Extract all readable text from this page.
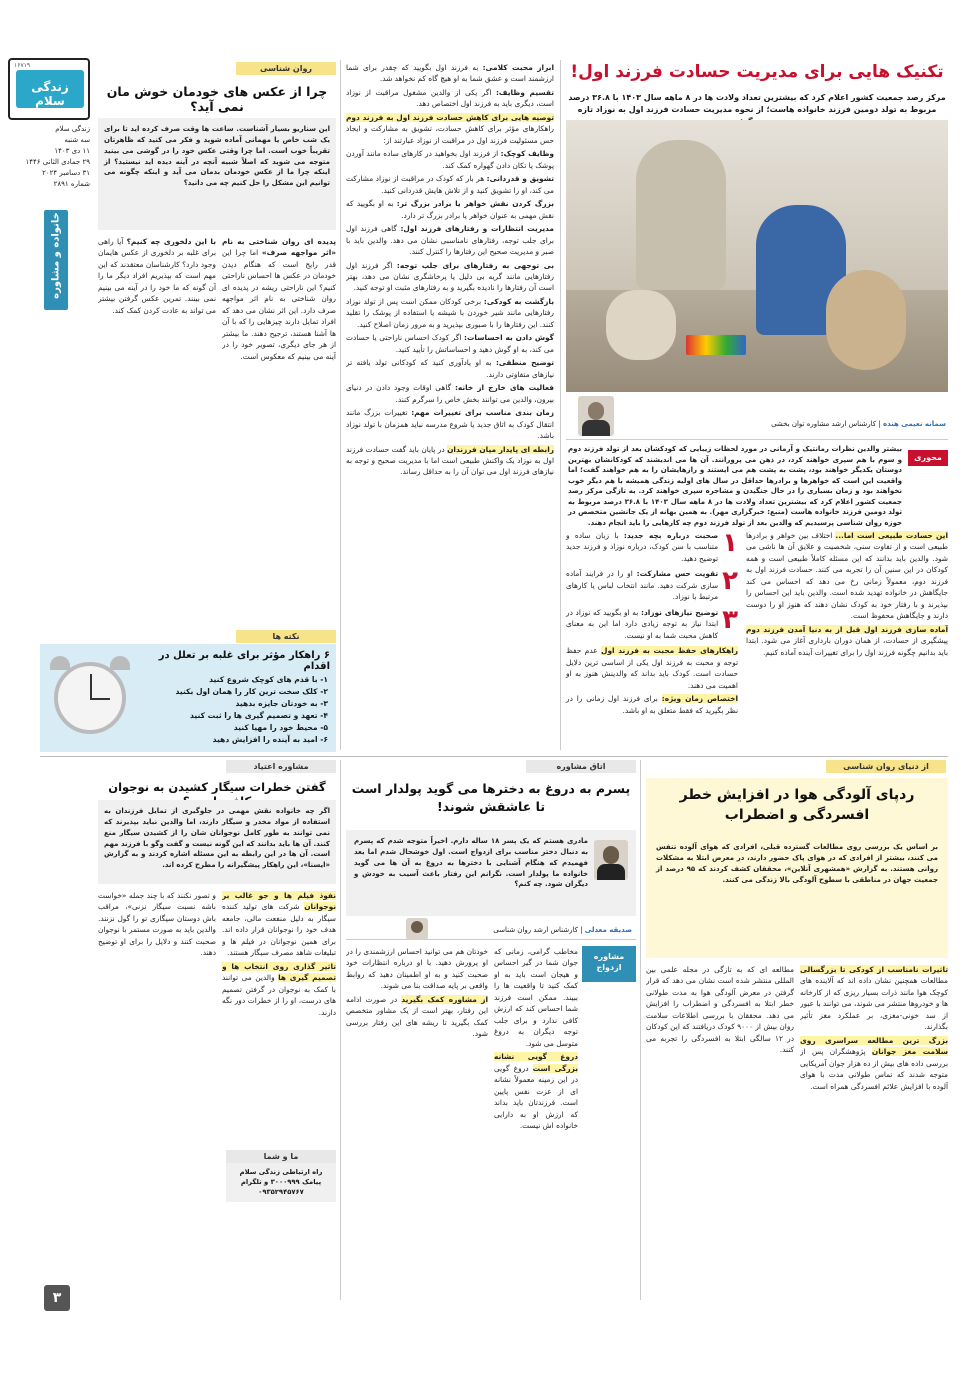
زندگی سلام
۱۶۷۱۹
زندگی سلام
سه شنبه
۱۱ دی ۱۴۰۳
۲۹ جمادی الثانی ۱۴۴۶
۳۱ دسامبر ۲۰۲۴
شماره ۲۸۹۱
خانواده و مشاوره
۳
تکنیک هایی برای مدیریت حسادت فرزند اول!
مرکز رصد جمعیت کشور اعلام کرد که بیشترین تعداد ولادت ها در ۸ ماهه سال ۱۴۰۳ با ۳۶.۸ درصد مربوط به تولد دومین فرزند خانواده هاست؛ از نحوه مدیریت حسادت فرزند اول به نوزاد تازه
سمانه نعیمی هنده | کارشناس ارشد مشاوره توان بخشی
محوری
بیشتر والدین نظرات رمانتیک و آرمانی در مورد لحظات زیبایی که کودکشان بعد از تولد فرزند دوم و سوم با هم سپری خواهند کرد، در ذهن می پرورانند. آن ها می اندیشند که کودکانشان بهترین دوستان یکدیگر خواهند بود، پشت به پشت هم می ایستند و رازهایشان را به هم خواهند گفت؛ اما واقعیت این است که خواهرها و برادرها حداقل در سال های اولیه زندگی همیشه با هم دیگر خوب نخواهند بود و زمان بسیاری را در حال جنگیدن و مشاجره سپری خواهند کرد. به تازگی مرکز رصد جمعیت کشور اعلام کرد که بیشترین تعداد ولادت ها در ۸ ماهه سال ۱۴۰۳ با ۳۶.۸ درصد مربوط به تولد دومین فرزند خانواده هاست (منبع: خبرگزاری مهر). به همین بهانه از یک جانشین متخصص در حوزه روان شناسی پرسیدیم که والدین بعد از تولد فرزند دوم چه کارهایی را باید انجام دهند.

این حسادت طبیعی است اما... اختلاف بین خواهر و برادرها طبیعی است و از تفاوت سنی، شخصیت و علایق آن ها ناشی می شود. والدین باید بدانند که این مسئله کاملاً طبیعی است و همه کودکان در این سنین آن را تجربه می کنند. حسادت فرزند اول به فرزند دوم، معمولاً زمانی رخ می دهد که احساس می کند جایگاهش در خانواده تهدید شده است. والدین باید این احساس را بپذیرند و با رفتار خود به کودک نشان دهند که هنوز او را دوست دارند و جایگاهش محفوظ است.

آماده سازی فرزند اول قبل از به دنیا آمدن فرزند دوم پیشگیری از حسادت، از همان دوران بارداری آغاز می شود. ابتدا باید بدانیم چگونه فرزند اول را برای تغییرات آینده آماده کنیم.

۱
صحبت درباره بچه جدید: با زبان ساده و متناسب با سن کودک، درباره نوزاد و فرزند جدید توضیح دهید.
۲
تقویت حس مشارکت: او را در فرایند آماده سازی شرکت دهید. مانند انتخاب لباس یا کارهای مرتبط با نوزاد.
۳
توضیح نیازهای نوزاد: به او بگویید که نوزاد در ابتدا نیاز به توجه زیادی دارد اما این به معنای کاهش محبت شما به او نیست.

راهکارهای حفظ محبت به فرزند اول عدم حفظ توجه و محبت به فرزند اول یکی از اساسی ترین دلایل حسادت است. کودک باید بداند که والدینش هنوز به او اهمیت می دهند.

اختصاص زمان ویژه: برای فرزند اول زمانی را در نظر بگیرید که فقط متعلق به او باشد.

ابراز محبت کلامی: به فرزند اول بگویید که چقدر برای شما ارزشمند است و عشق شما به او هیچ گاه کم نخواهد شد.

تقسیم وظایف: اگر یکی از والدین مشغول مراقبت از نوزاد است، دیگری باید به فرزند اول اختصاص دهد.

توصیه هایی برای کاهش حسادت فرزند اول به فرزند دوم راهکارهای مؤثر برای کاهش حسادت، تشویق به مشارکت و ایجاد حس مسئولیت فرزند اول در مراقبت از نوزاد عبارتند از:

وظایف کوچک: از فرزند اول بخواهید در کارهای ساده مانند آوردن پوشک یا تکان دادن گهواره کمک کند.

تشویق و قدردانی: هر بار که کودک در مراقبت از نوزاد مشارکت می کند، او را تشویق کنید و از تلاش هایش قدردانی کنید.

بزرگ کردن نقش خواهر یا برادر بزرگ تر: به او بگویید که نقش مهمی به عنوان خواهر یا برادر بزرگ تر دارد.

مدیریت انتظارات و رفتارهای فرزند اول: گاهی فرزند اول برای جلب توجه، رفتارهای نامناسبی نشان می دهد. والدین باید با صبر و مدیریت صحیح این رفتارها را کنترل کنند.

بی توجهی به رفتارهای برای جلب توجه: اگر فرزند اول رفتارهایی مانند گریه بی دلیل یا پرخاشگری نشان می دهد، بهتر است آن رفتارها را نادیده بگیرید و به رفتارهای مثبت او توجه کنید.

بازگشت به کودکی: برخی کودکان ممکن است پس از تولد نوزاد رفتارهایی مانند شیر خوردن با شیشه یا استفاده از پوشک را تقلید کنند. این رفتارها را با صبوری بپذیرید و به مرور زمان اصلاح کنید.

گوش دادن به احساسات: اگر کودک احساس ناراحتی یا حسادت می کند، به او گوش دهید و احساساتش را تأیید کنید.

توضیح منطقی: به او یادآوری کنید که کودکانی تولد یافته تر نیازهای متفاوتی دارند.

فعالیت های خارج از خانه: گاهی اوقات وجود دادن در دنیای بیرون، والدین می توانند بخش خاص را سرگرم کنند.

زمان بندی مناسب برای تغییرات مهم: تغییرات بزرگ مانند انتقال کودک به اتاق جدید یا شروع مدرسه نباید همزمان با تولد نوزاد باشد.

رابطه ای پایدار میان فرزندان در پایان باید گفت حسادت فرزند اول به نوزاد یک واکنش طبیعی است اما با مدیریت صحیح و توجه به نیازهای فرزند اول می توان آن را به حداقل رساند.

روان شناسی
چرا از عکس های خودمان خوش مان نمی آید؟
این سناریو بسیار آشناست. ساعت ها وقت صرف کرده اید تا برای یک شب خاص یا مهمانی آماده شوید و فکر می کنید که ظاهرتان تقریباً خوب است. اما چرا وقتی عکس خود را در گوشی می بینید متوجه می شوید که اصلاً شبیه آنچه در آینه دیده اید نیستید؟ از اینکه چرا ما از عکس خودمان بدمان می آید و اینکه چگونه می توانیم این مشکل را حل کنیم چه می دانید؟

پدیده ای روان شناختی به نام «اثر مواجهه صرف» اما چرا این قدر رایج است که هنگام دیدن خودمان در عکس ها احساس ناراحتی کنیم؟ این ناراحتی ریشه در پدیده ای روان شناختی به نام اثر مواجهه صرف دارد. این اثر نشان می دهد که افراد تمایل دارند چیزهایی را که با آن ها آشنا هستند، ترجیح دهند. ما بیشتر از هر جای دیگری، تصویر خود را در آینه می بینیم که معکوس است.

با این دلخوری چه کنیم؟ آیا راهی برای غلبه بر دلخوری از عکس هایمان وجود دارد؟ کارشناسان معتقدند که این مهم است که بپذیریم افراد دیگر ما را آن گونه که ما خود را در آینه می بینیم نمی بینند. تمرین عکس گرفتن بیشتر می تواند به عادت کردن کمک کند.

نکته ها
۶ راهکار مؤثر برای غلبه بر تعلل در اقدام
۱- با قدم های کوچک شروع کنید
۲- کلک سخت ترین کار را همان اول بکنید
۳- به خودتان جایزه بدهید
۴- تعهد و تصمیم گیری ها را ثبت کنید
۵- محیط خود را مهیا کنید
۶- امید به آینده را افزایش دهید
از دنیای روان شناسی
ردپای آلودگی هوا در افزایش خطر افسردگی و اضطراب
بر اساس یک بررسی روی مطالعات گسترده قبلی، افرادی که هوای آلوده تنفس می کنند، بیشتر از افرادی که در هوای پاک حضور دارند، در معرض ابتلا به مشکلات روانی هستند. به گزارش «همشهری آنلاین»، محققان کشف کردند که ۹۵ درصد از جمعیت جهان در مناطقی با سطوح آلودگی بالا زندگی می کنند.

تاثیرات نامناسب از کودکی تا بزرگسالی مطالعات همچنین نشان داده اند که آلاینده های کوچک هوا مانند ذرات بسیار ریزی که از کارخانه ها و خودروها منتشر می شوند، می توانند با عبور از سد خونی-مغزی، بر عملکرد مغز تأثیر بگذارند.

بزرگ ترین مطالعه سراسری روی سلامت مغز جوانان پژوهشگران پس از بررسی داده های بیش از ده هزار جوان آمریکایی متوجه شدند که تماس طولانی مدت با هوای آلوده با افزایش علائم افسردگی همراه است.

مطالعه ای که به تازگی در مجله علمی بین المللی منتشر شده است نشان می دهد که قرار گرفتن در معرض آلودگی هوا به مدت طولانی خطر ابتلا به افسردگی و اضطراب را افزایش می دهد. محققان با بررسی اطلاعات سلامت روان بیش از ۹۰۰۰ کودک دریافتند که این کودکان در ۱۲ سالگی ابتلا به افسردگی را تجربه می کنند.

اتاق مشاوره
پسرم به دروغ به دخترها می گوید پولدار است تا عاشقش شوند!
مادری هستم که یک پسر ۱۸ ساله دارم. اخیراً متوجه شدم که پسرم به دنبال دختر مناسب برای ازدواج است. اول خوشحال شدم اما بعد فهمیدم که هنگام آشنایی با دخترها به دروغ به آن ها می گوید خانواده ما پولدار است. نگرانم این رفتار باعث آسیب به خودش و دیگران شود. چه کنم؟
صدیقه معدلی | کارشناس ارشد روان شناسی
مشاوره ازدواج

مخاطب گرامی، زمانی که جوان شما در گیر احساس و هیجان است باید به او کمک کنید تا واقعیت ها را ببیند. ممکن است فرزند شما احساس کند که ارزش کافی ندارد و برای جلب توجه دیگران به دروغ متوسل می شود.

دروغ گویی نشانه بزرگی است دروغ گویی در این زمینه معمولاً نشانه ای از عزت نفس پایین است. فرزندتان باید بداند که ارزش او به دارایی خانواده اش نیست.

خودتان هم می توانید احساس ارزشمندی را در او پرورش دهید. با او درباره انتظارات خود صحبت کنید و به او اطمینان دهید که روابط واقعی بر پایه صداقت بنا می شوند.

از مشاوره کمک بگیرید در صورت ادامه این رفتار، بهتر است از یک مشاور متخصص کمک بگیرید تا ریشه های این رفتار بررسی شود.

مشاوره اعتیاد
گفتن خطرات سیگار کشیدن به نوجوان
اگر چه خانواده نقش مهمی در جلوگیری از تمایل فرزندان به استفاده از مواد مخدر و سیگار دارند، اما والدین نباید بپذیرند که نمی توانند به طور کامل نوجوانان شان را از کشیدن سیگار منع کنند. آن ها باید بدانند که این گونه نیست و گفت وگو با فرزند مهم است. آن ها در این رابطه به این مسئله اشاره کردند و به گزارش «ایسنا»، این راهکار پیشگیرانه را مطرح کرده اند.

نفوذ فیلم ها و جو غالب بر نوجوانان شرکت های تولید کننده سیگار به دلیل منفعت مالی، جامعه هدف خود را نوجوانان قرار داده اند. برای همین نوجوانان در فیلم ها و تبلیغات شاهد مصرف سیگار هستند.

تاثیر گذاری روی انتخاب ها و تصمیم گیری ها والدین می توانند با کمک به نوجوان در گرفتن تصمیم های درست، او را از خطرات دور نگه دارند.

و تصور نکنند که با چند جمله «خواست باشه نسبت سیگار نزنی»، مراقب باش دوستان سیگاری تو را گول نزنند. والدین باید به صورت مستمر با نوجوان صحبت کنند و دلایل را برای او توضیح دهند.

ما و شما
راه ارتباطی زندگی سلام پیامک ۳۰۰۰۹۹۹ و تلگرام ۰۹۳۵۲۹۴۵۷۶۷
